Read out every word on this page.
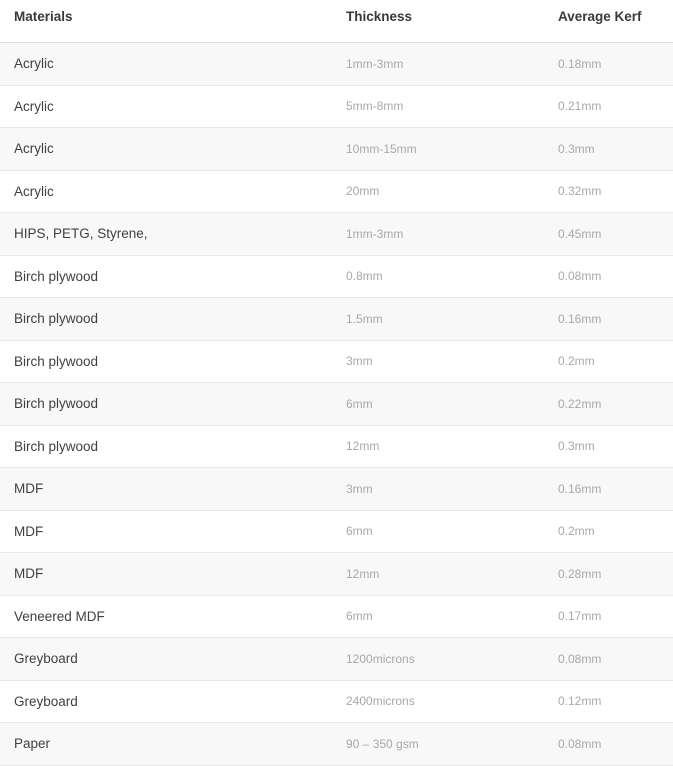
Materials	Thickness	Average Kerf
Acrylic	1mm-3mm	0.18mm
Acrylic	5mm-8mm	0.21mm
Acrylic	10mm-15mm	0.3mm
Acrylic	20mm	0.32mm
HIPS, PETG, Styrene,	1mm-3mm	0.45mm
Birch plywood	0.8mm	0.08mm
Birch plywood	1.5mm	0.16mm
Birch plywood	3mm	0.2mm
Birch plywood	6mm	0.22mm
Birch plywood	12mm	0.3mm
MDF	3mm	0.16mm
MDF	6mm	0.2mm
MDF	12mm	0.28mm
Veneered MDF	6mm	0.17mm
Greyboard	1200microns	0.08mm
Greyboard	2400microns	0.12mm
Paper	90 – 350 gsm	0.08mm
